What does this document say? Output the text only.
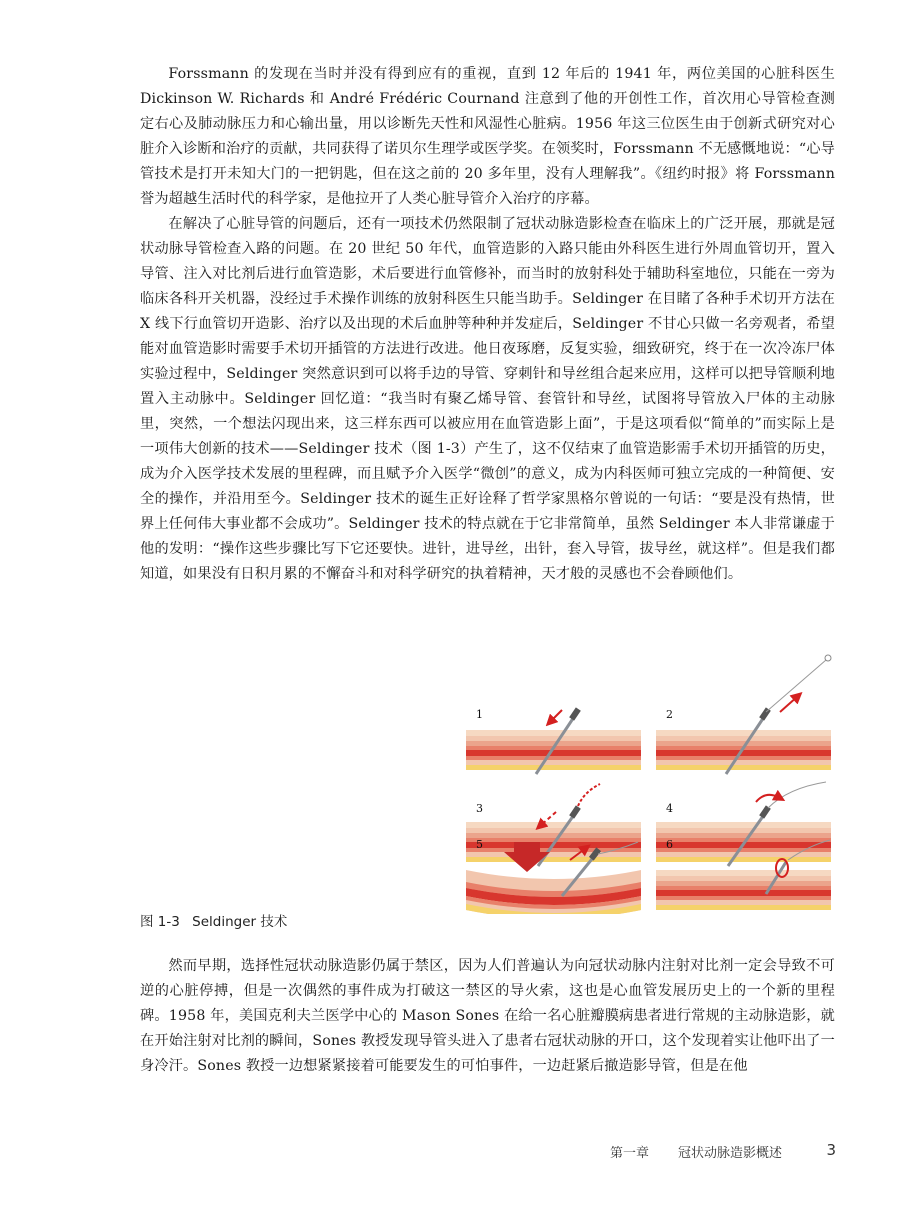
Forssmann 的发现在当时并没有得到应有的重视，直到 12 年后的 1941 年，两位美国的心脏科医生 Dickinson W. Richards 和 André Frédéric Cournand 注意到了他的开创性工作，首次用心导管检查测定右心及肺动脉压力和心输出量，用以诊断先天性和风湿性心脏病。1956 年这三位医生由于创新式研究对心脏介入诊断和治疗的贡献，共同获得了诺贝尔生理学或医学奖。在领奖时，Forssmann 不无感慨地说：“心导管技术是打开未知大门的一把钥匙，但在这之前的 20 多年里，没有人理解我”。《纽约时报》将 Forssmann 誉为超越生活时代的科学家，是他拉开了人类心脏导管介入治疗的序幕。

在解决了心脏导管的问题后，还有一项技术仍然限制了冠状动脉造影检查在临床上的广泛开展，那就是冠状动脉导管检查入路的问题。在 20 世纪 50 年代，血管造影的入路只能由外科医生进行外周血管切开，置入导管、注入对比剂后进行血管造影，术后要进行血管修补，而当时的放射科处于辅助科室地位，只能在一旁为临床各科开关机器，没经过手术操作训练的放射科医生只能当助手。Seldinger 在目睹了各种手术切开方法在 X 线下行血管切开造影、治疗以及出现的术后血肿等种种并发症后，Seldinger 不甘心只做一名旁观者，希望能对血管造影时需要手术切开插管的方法进行改进。他日夜琢磨，反复实验，细致研究，终于在一次冷冻尸体实验过程中，Seldinger 突然意识到可以将手边的导管、穿刺针和导丝组合起来应用，这样可以把导管顺利地置入主动脉中。Seldinger 回忆道：“我当时有聚乙烯导管、套管针和导丝，试图将导管放入尸体的主动脉里，突然，一个想法闪现出来，这三样东西可以被应用在血管造影上面”，于是这项看似“简单的”而实际上是一项伟大创新的技术——Seldinger 技术（图 1-3）产生了，这不仅结束了血管造影需手术切开插管的历史，成为介入医学技术发展的里程碑，而且赋予介入医学“微创”的意义，成为内科医师可独立完成的一种简便、安全的操作，并沿用至今。Seldinger 技术的诞生正好诠释了哲学家黑格尔曾说的一句话：“要是没有热情，世界上任何伟大事业都不会成功”。Seldinger 技术的特点就在于它非常简单，虽然 Seldinger 本人非常谦虚于他的发明：“操作这些步骤比写下它还要快。进针，进导丝，出针，套入导管，拔导丝，就这样”。但是我们都知道，如果没有日积月累的不懈奋斗和对科学研究的执着精神，天才般的灵感也不会眷顾他们。

1	2
3	4
5	6
图 1-3 Seldinger 技术

然而早期，选择性冠状动脉造影仍属于禁区，因为人们普遍认为向冠状动脉内注射对比剂一定会导致不可逆的心脏停搏，但是一次偶然的事件成为打破这一禁区的导火索，这也是心血管发展历史上的一个新的里程碑。1958 年，美国克利夫兰医学中心的 Mason Sones 在给一名心脏瓣膜病患者进行常规的主动脉造影，就在开始注射对比剂的瞬间，Sones 教授发现导管头进入了患者右冠状动脉的开口，这个发现着实让他吓出了一身冷汗。Sones 教授一边想紧紧接着可能要发生的可怕事件，一边赶紧后撤造影导管，但是在他

第一章 冠状动脉造影概述	3
